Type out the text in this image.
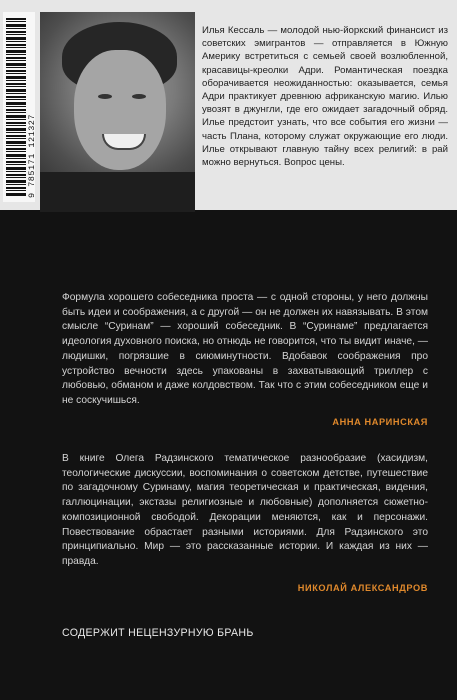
9 785171 121327

Илья Кессаль — молодой нью-йоркский финансист из советских эмигрантов — отправляется в Южную Америку встретиться с семьей своей возлюбленной, красавицы-креолки Адри. Романтическая поездка оборачивается неожиданностью: оказывается, семья Адри практикует древнюю африканскую магию. Илью увозят в джунгли, где его ожидает загадочный обряд. Илье предстоит узнать, что все события его жизни — часть Плана, которому служат окружающие его люди. Илье открывают главную тайну всех религий: в рай можно вернуться. Вопрос цены.

Формула хорошего собеседника проста — с одной стороны, у него должны быть идеи и соображения, а с другой — он не должен их навязывать. В этом смысле “Суринам” — хороший собеседник. В “Суринаме” предлагается идеология духовного поиска, но отнюдь не говорится, что ты видит иначе, — людишки, погрязшие в сиюминутности. Вдобавок соображения про устройство вечности здесь упакованы в захватывающий триллер с любовью, обманом и даже колдовством. Так что с этим собеседником еще и не соскучишься.

АННА НАРИНСКАЯ

В книге Олега Радзинского тематическое разнообразие (хасидизм, теологические дискуссии, воспоминания о советском детстве, путешествие по загадочному Суринаму, магия теоретическая и практическая, видения, галлюцинации, экстазы религиозные и любовные) дополняется сюжетно-композиционной свободой. Декорации меняются, как и персонажи. Повествование обрастает разными историями. Для Радзинского это принципиально. Мир — это рассказанные истории. И каждая из них — правда.

НИКОЛАЙ АЛЕКСАНДРОВ
СОДЕРЖИТ НЕЦЕНЗУРНУЮ БРАНЬ
